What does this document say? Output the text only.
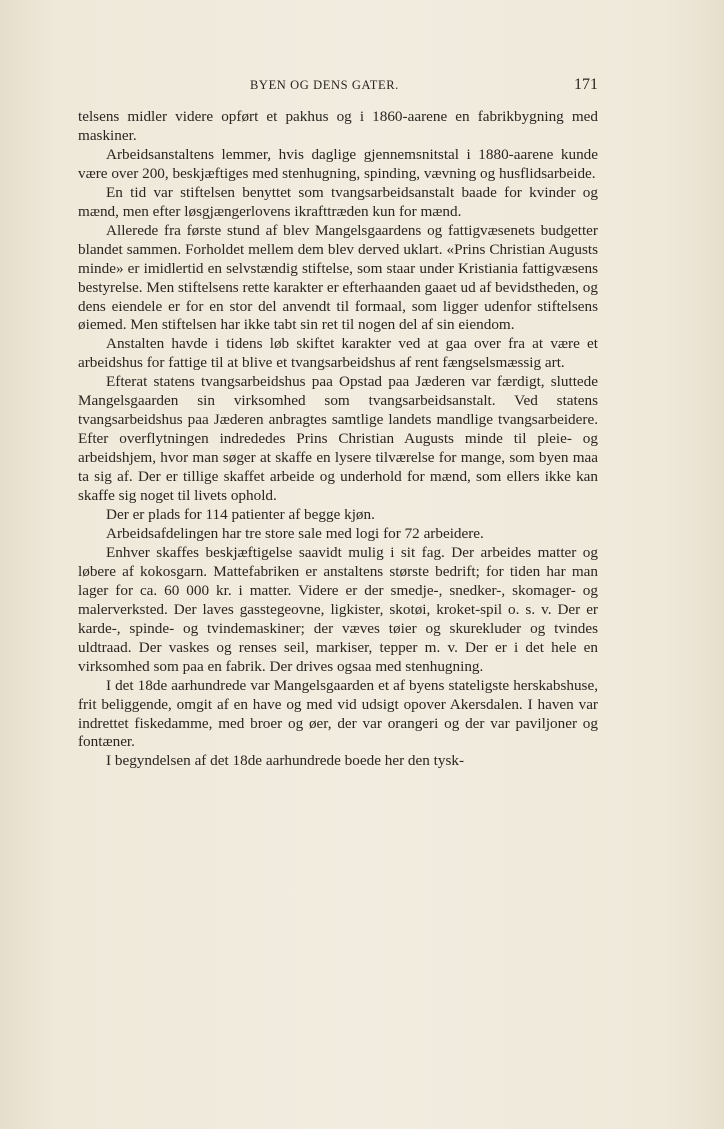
BYEN OG DENS GATER.	171

telsens midler videre opført et pakhus og i 1860-aarene en fabrikbygning med maskiner.

Arbeidsanstaltens lemmer, hvis daglige gjennemsnitstal i 1880-aarene kunde være over 200, beskjæftiges med stenhugning, spinding, vævning og husflidsarbeide.

En tid var stiftelsen benyttet som tvangsarbeidsanstalt baade for kvinder og mænd, men efter løsgjængerlovens ikrafttræden kun for mænd.

Allerede fra første stund af blev Mangelsgaardens og fattigvæsenets budgetter blandet sammen. Forholdet mellem dem blev derved uklart. «Prins Christian Augusts minde» er imidlertid en selvstændig stiftelse, som staar under Kristiania fattigvæsens bestyrelse. Men stiftelsens rette karakter er efterhaanden gaaet ud af bevidstheden, og dens eiendele er for en stor del anvendt til formaal, som ligger udenfor stiftelsens øiemed. Men stiftelsen har ikke tabt sin ret til nogen del af sin eiendom.

Anstalten havde i tidens løb skiftet karakter ved at gaa over fra at være et arbeidshus for fattige til at blive et tvangsarbeidshus af rent fængselsmæssig art.

Efterat statens tvangsarbeidshus paa Opstad paa Jæderen var færdigt, sluttede Mangelsgaarden sin virksomhed som tvangsarbeidsanstalt. Ved statens tvangsarbeidshus paa Jæderen anbragtes samtlige landets mandlige tvangsarbeidere. Efter overflytningen indrededes Prins Christian Augusts minde til pleie- og arbeidshjem, hvor man søger at skaffe en lysere tilværelse for mange, som byen maa ta sig af. Der er tillige skaffet arbeide og underhold for mænd, som ellers ikke kan skaffe sig noget til livets ophold.

Der er plads for 114 patienter af begge kjøn.

Arbeidsafdelingen har tre store sale med logi for 72 arbeidere.

Enhver skaffes beskjæftigelse saavidt mulig i sit fag. Der arbeides matter og løbere af kokosgarn. Mattefabriken er anstaltens største bedrift; for tiden har man lager for ca. 60 000 kr. i matter. Videre er der smedje-, snedker-, skomager- og malerverksted. Der laves gasstegeovne, ligkister, skotøi, kroket-spil o. s. v. Der er karde-, spinde- og tvindemaskiner; der væves tøier og skurekluder og tvindes uldtraad. Der vaskes og renses seil, markiser, tepper m. v. Der er i det hele en virksomhed som paa en fabrik. Der drives ogsaa med stenhugning.

I det 18de aarhundrede var Mangelsgaarden et af byens stateligste herskabshuse, frit beliggende, omgit af en have og med vid udsigt opover Akersdalen. I haven var indrettet fiskedamme, med broer og øer, der var orangeri og der var paviljoner og fontæner.

I begyndelsen af det 18de aarhundrede boede her den tysk-
